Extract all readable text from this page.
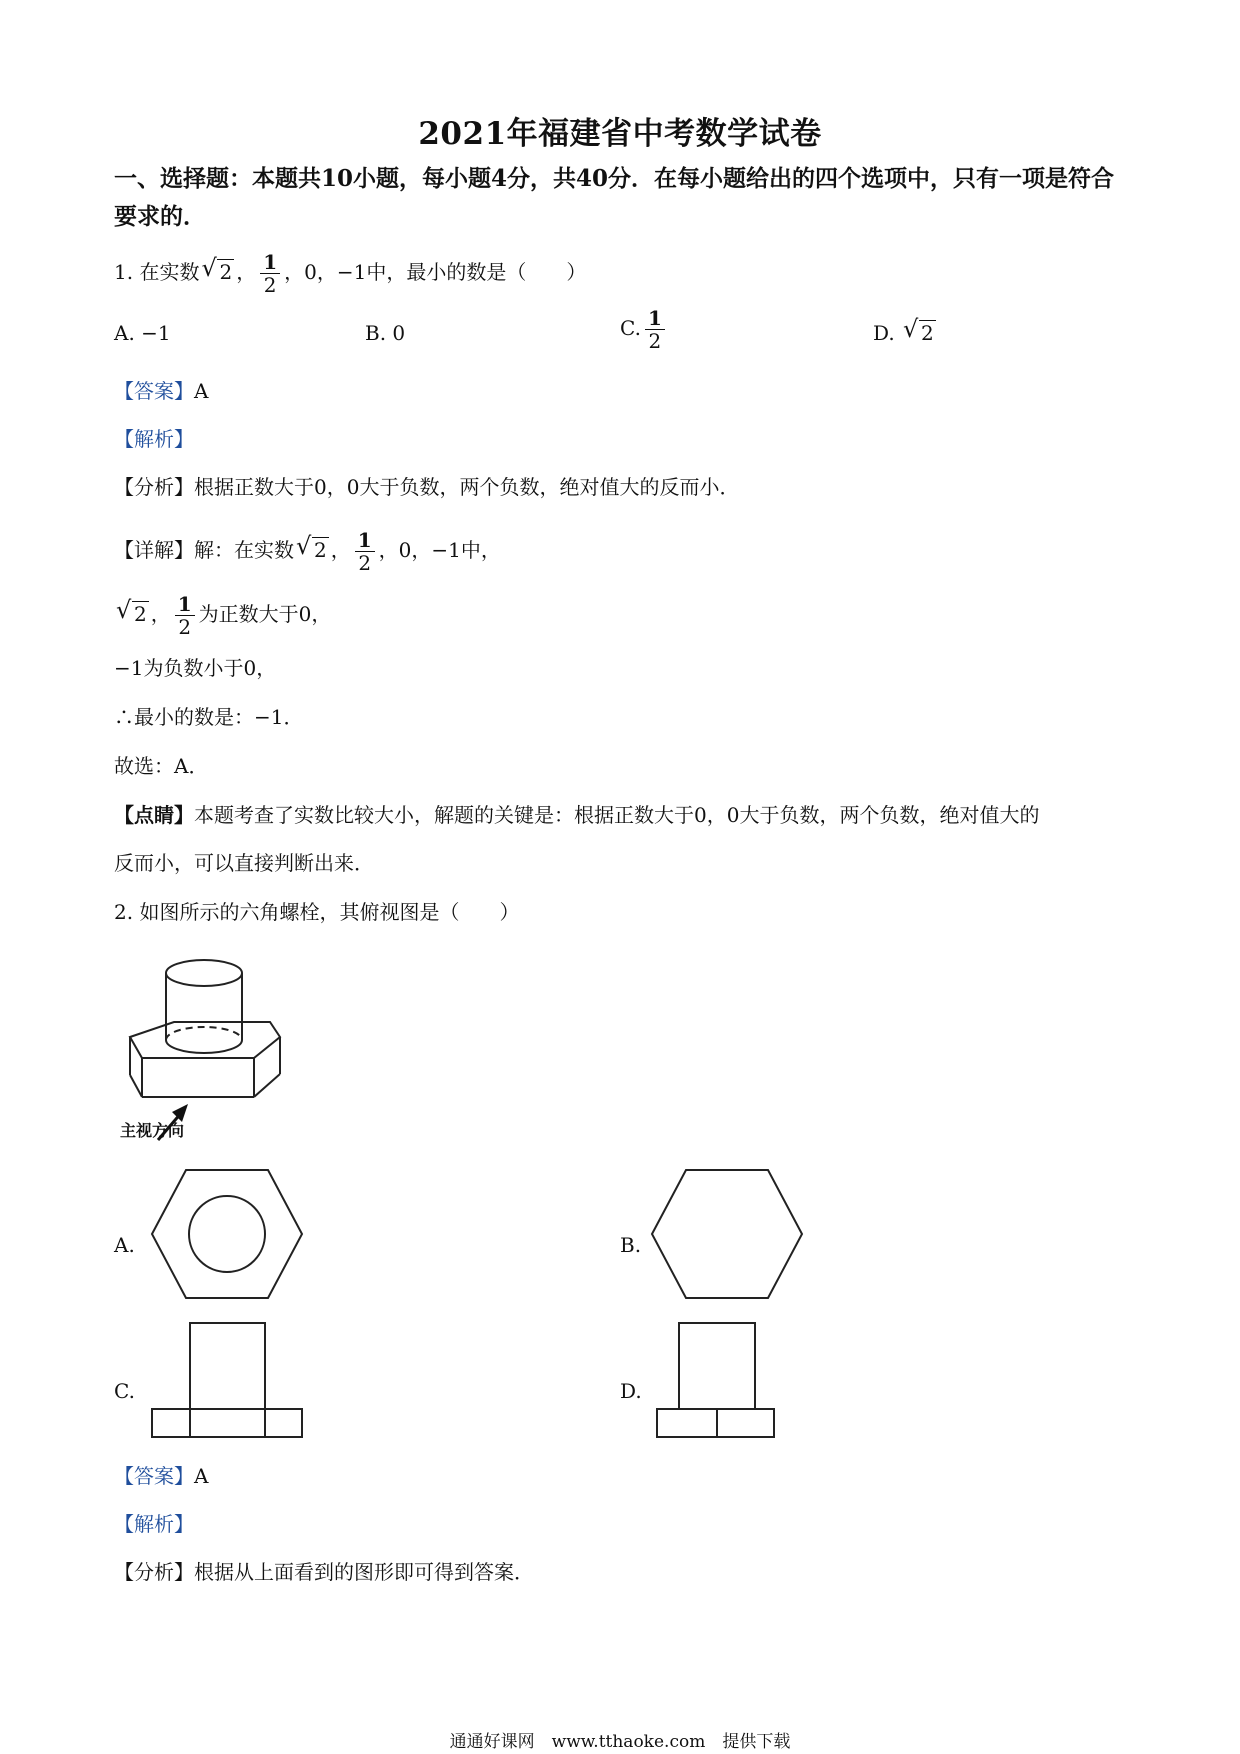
2021年福建省中考数学试卷
一、选择题：本题共10小题，每小题4分，共40分．在每小题给出的四个选项中，只有一项是符合要求的．
1. 在实数 √ 2 ， $\frac{1}{2}$ ，0，−1中，最小的数是（　　）
A. −1	B. 0	C. $\frac{1}{2}$	D. √ 2
【答案】A
【解析】
【分析】根据正数大于0，0大于负数，两个负数，绝对值大的反而小．
【详解】解：在实数 √ 2 ， $\frac{1}{2}$ ，0，−1中，
√ 2 ， $\frac{1}{2}$ 为正数大于0，
−1为负数小于0，
∴最小的数是：−1．
故选：A．
【点睛】本题考查了实数比较大小，解题的关键是：根据正数大于0，0大于负数，两个负数，绝对值大的
反而小，可以直接判断出来．
2. 如图所示的六角螺栓，其俯视图是（　　）
主视方向
A.	B.
C.	D.
【答案】A
【解析】
【分析】根据从上面看到的图形即可得到答案．
通通好课网　www.tthaoke.com　提供下载
